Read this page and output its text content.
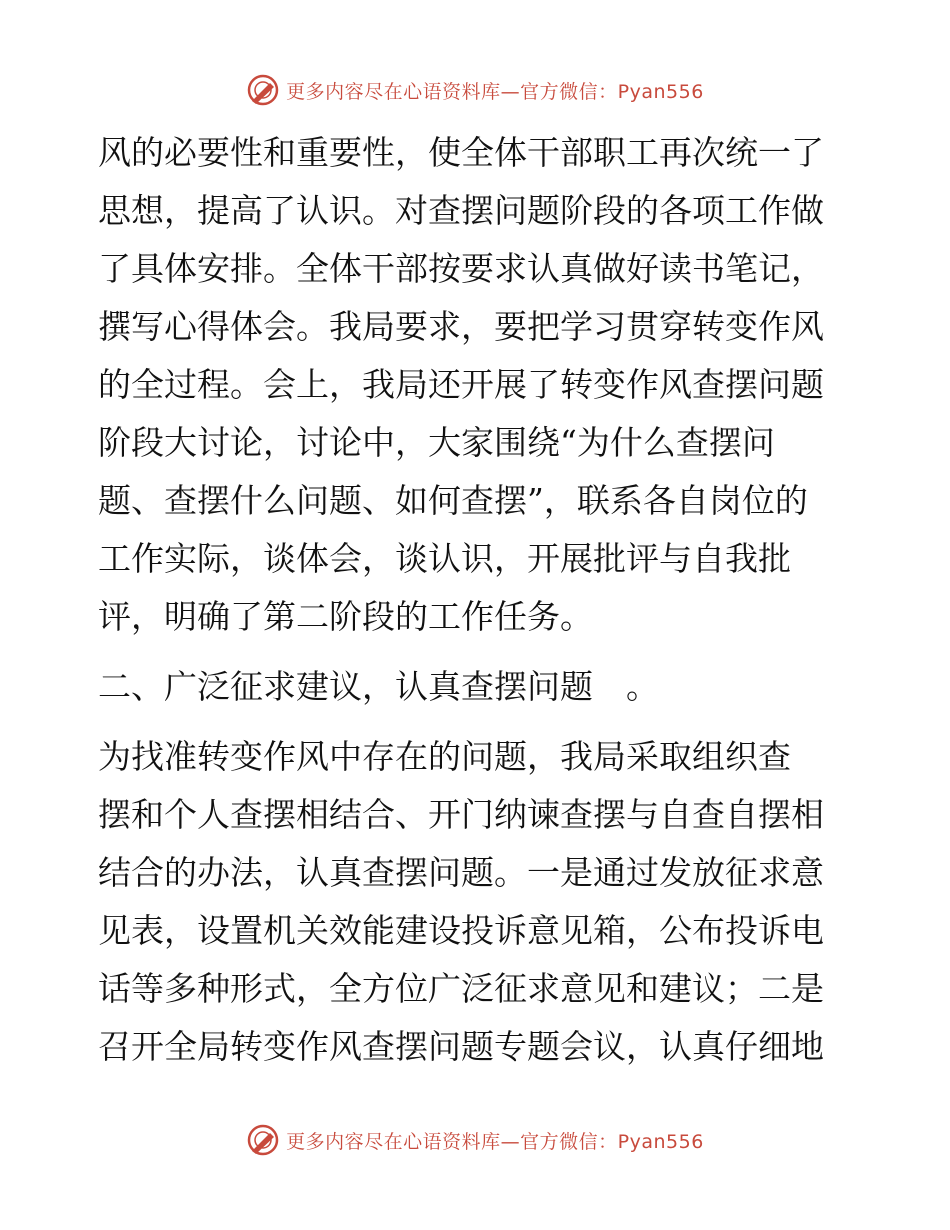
更多内容尽在心语资料库—官方微信：Pyan556
风的必要性和重要性，使全体干部职工再次统一了
思想，提高了认识。对查摆问题阶段的各项工作做
了具体安排。全体干部按要求认真做好读书笔记，
撰写心得体会。我局要求，要把学习贯穿转变作风
的全过程。会上，我局还开展了转变作风查摆问题
阶段大讨论，讨论中，大家围绕“为什么查摆问
题、查摆什么问题、如何查摆”，联系各自岗位的
工作实际，谈体会，谈认识，开展批评与自我批
评，明确了第二阶段的工作任务。
二、广泛征求建议，认真查摆问题　。
为找准转变作风中存在的问题，我局采取组织查
摆和个人查摆相结合、开门纳谏查摆与自查自摆相
结合的办法，认真查摆问题。一是通过发放征求意
见表，设置机关效能建设投诉意见箱，公布投诉电
话等多种形式，全方位广泛征求意见和建议；二是
召开全局转变作风查摆问题专题会议，认真仔细地
更多内容尽在心语资料库—官方微信：Pyan556
